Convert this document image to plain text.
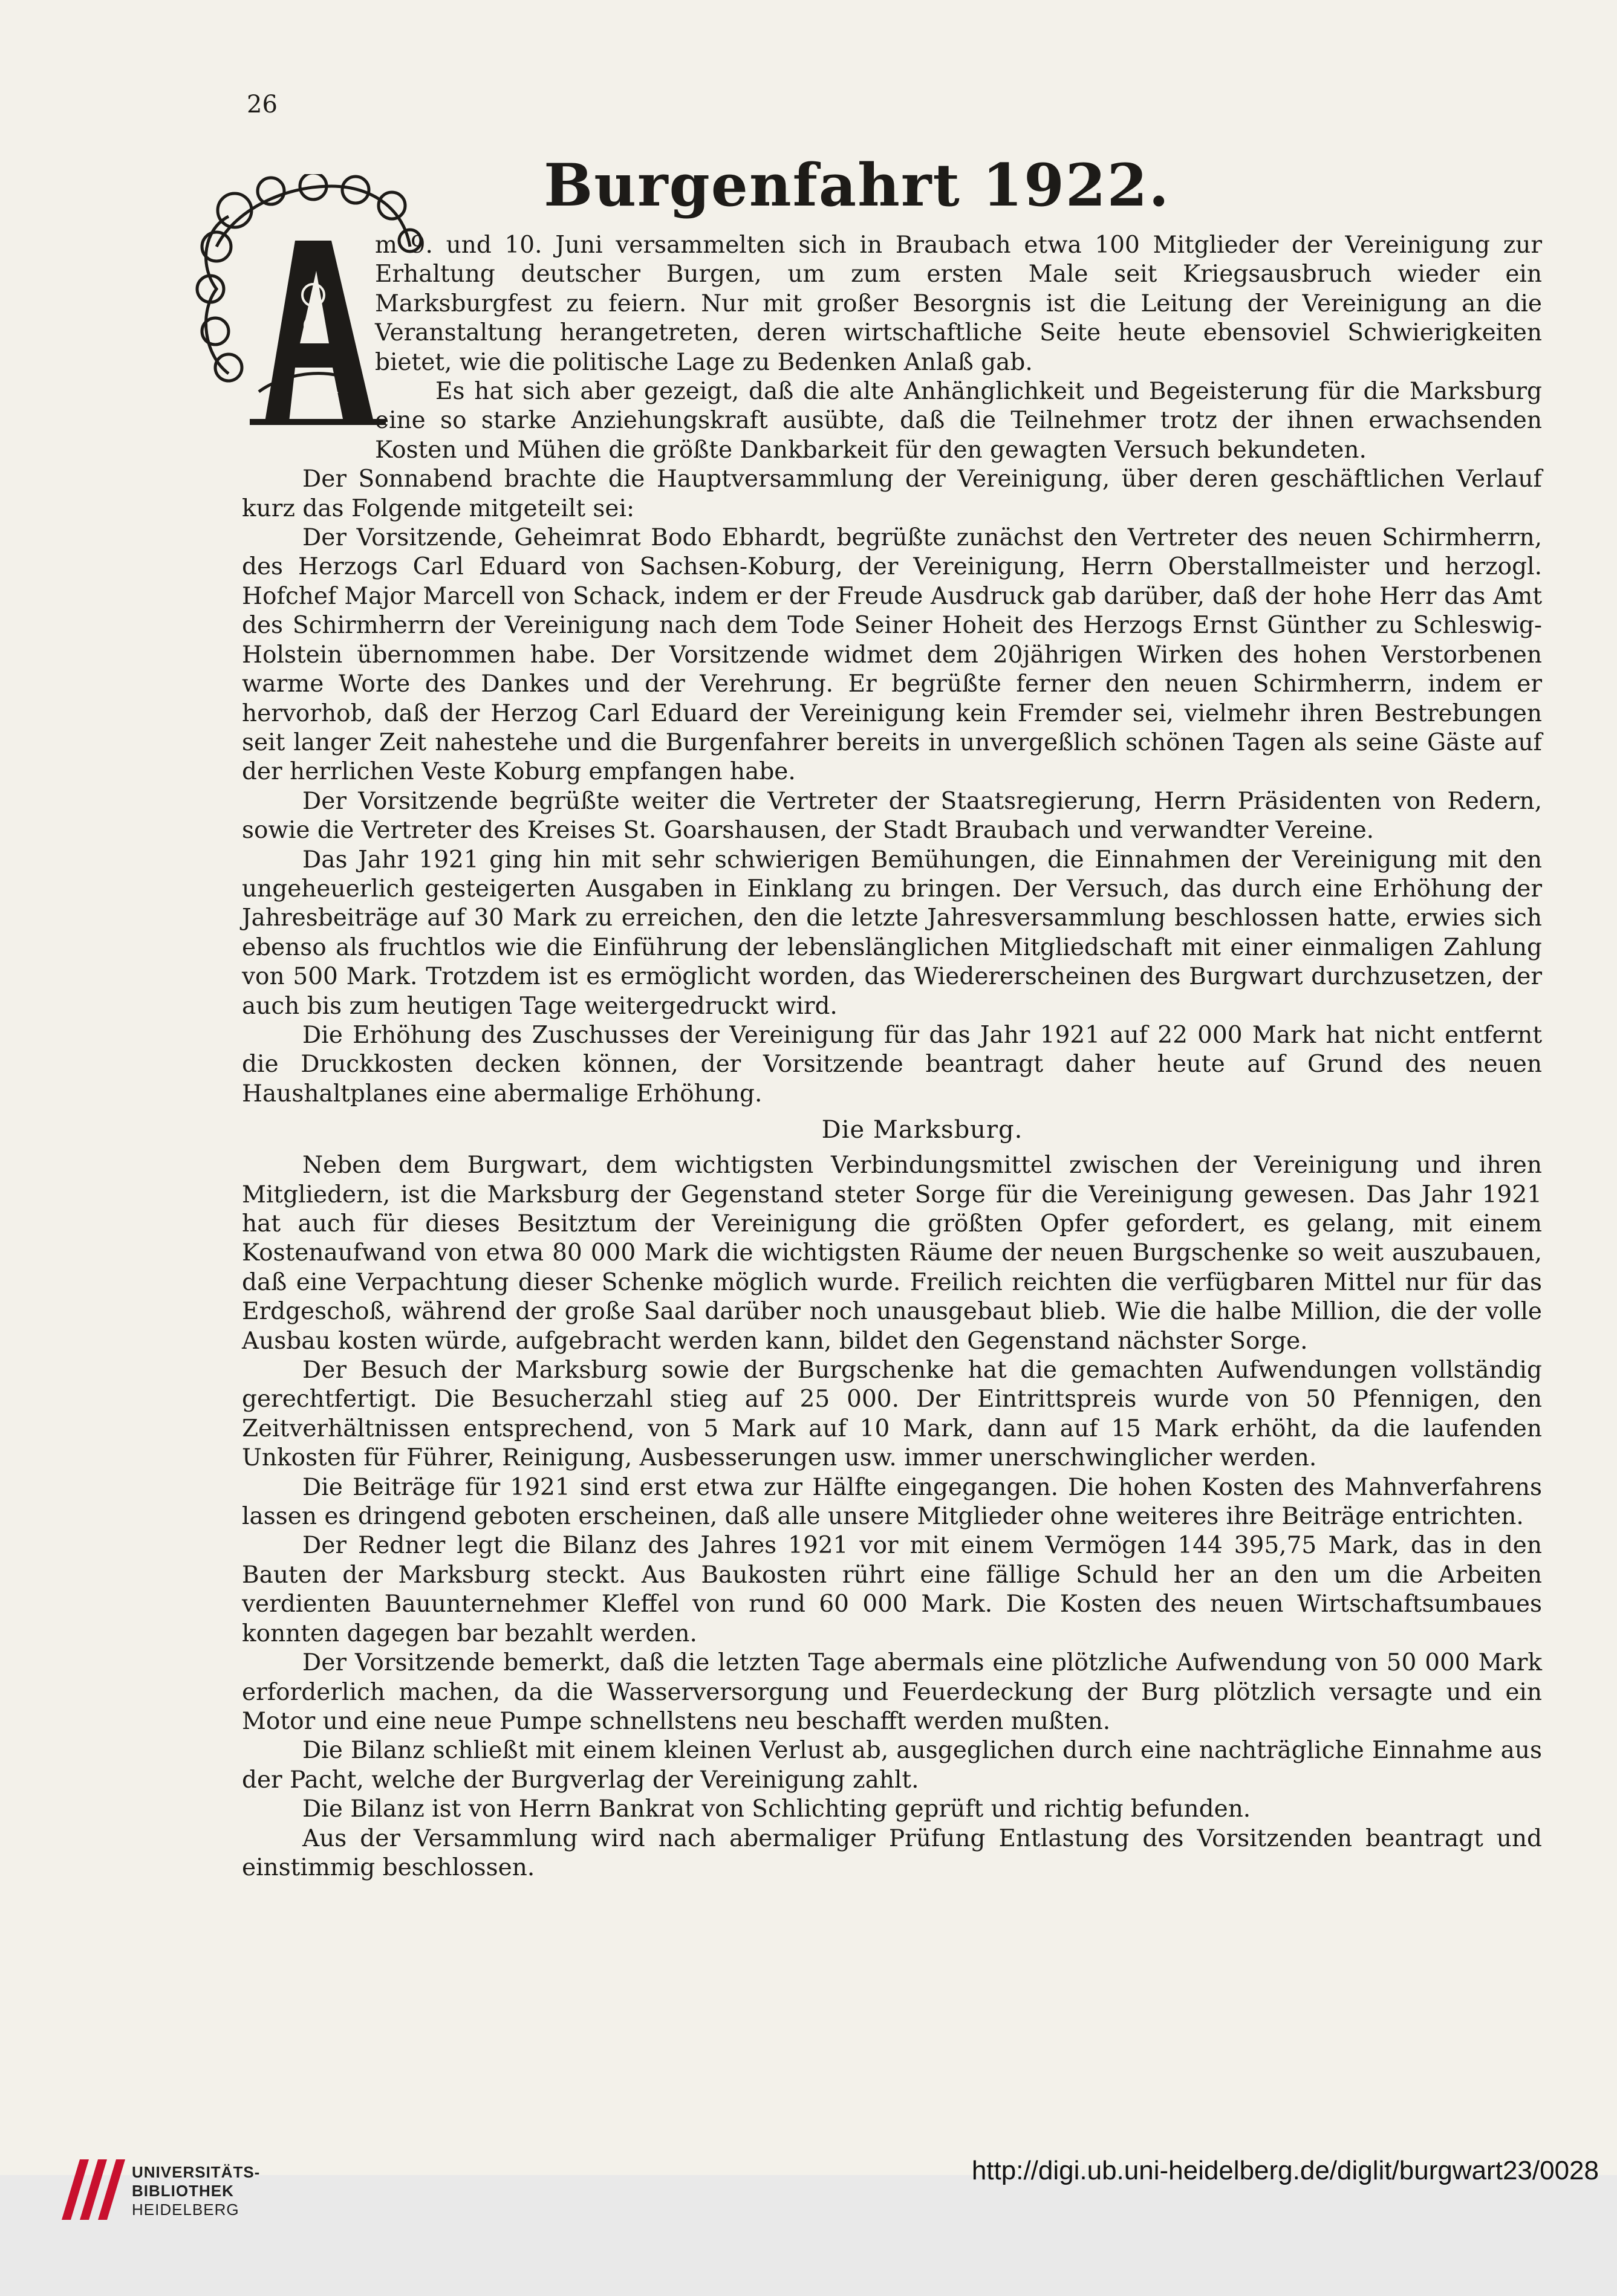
26
Burgenfahrt 1922.

m 9. und 10. Juni versammelten sich in Braubach etwa 100 Mitglieder der Vereinigung zur Erhaltung deutscher Burgen, um zum ersten Male seit Kriegsausbruch wieder ein Marksburgfest zu feiern. Nur mit großer Besorgnis ist die Leitung der Vereinigung an die Veranstaltung herangetreten, deren wirtschaftliche Seite heute ebensoviel Schwierigkeiten bietet, wie die politische Lage zu Bedenken Anlaß gab.

Es hat sich aber gezeigt, daß die alte Anhänglichkeit und Begeisterung für die Marksburg eine so starke Anziehungskraft ausübte, daß die Teilnehmer trotz der ihnen erwachsenden Kosten und Mühen die größte Dankbarkeit für den gewagten Versuch bekundeten.

Der Sonnabend brachte die Hauptversammlung der Vereinigung, über deren geschäftlichen Verlauf kurz das Folgende mitgeteilt sei:

Der Vorsitzende, Geheimrat Bodo Ebhardt, begrüßte zunächst den Vertreter des neuen Schirmherrn, des Herzogs Carl Eduard von Sachsen-Koburg, der Vereinigung, Herrn Oberstallmeister und herzogl. Hofchef Major Marcell von Schack, indem er der Freude Ausdruck gab darüber, daß der hohe Herr das Amt des Schirmherrn der Vereinigung nach dem Tode Seiner Hoheit des Herzogs Ernst Günther zu Schleswig-Holstein übernommen habe. Der Vorsitzende widmet dem 20jährigen Wirken des hohen Verstorbenen warme Worte des Dankes und der Verehrung. Er begrüßte ferner den neuen Schirmherrn, indem er hervorhob, daß der Herzog Carl Eduard der Vereinigung kein Fremder sei, vielmehr ihren Bestrebungen seit langer Zeit nahestehe und die Burgenfahrer bereits in unvergeßlich schönen Tagen als seine Gäste auf der herrlichen Veste Koburg empfangen habe.

Der Vorsitzende begrüßte weiter die Vertreter der Staatsregierung, Herrn Präsidenten von Redern, sowie die Vertreter des Kreises St. Goarshausen, der Stadt Braubach und verwandter Vereine.

Das Jahr 1921 ging hin mit sehr schwierigen Bemühungen, die Einnahmen der Vereinigung mit den ungeheuerlich gesteigerten Ausgaben in Einklang zu bringen. Der Versuch, das durch eine Erhöhung der Jahresbeiträge auf 30 Mark zu erreichen, den die letzte Jahresversammlung beschlossen hatte, erwies sich ebenso als fruchtlos wie die Einführung der lebenslänglichen Mitgliedschaft mit einer einmaligen Zahlung von 500 Mark. Trotzdem ist es ermöglicht worden, das Wiedererscheinen des Burgwart durchzusetzen, der auch bis zum heutigen Tage weitergedruckt wird.

Die Erhöhung des Zuschusses der Vereinigung für das Jahr 1921 auf 22 000 Mark hat nicht entfernt die Druckkosten decken können, der Vorsitzende beantragt daher heute auf Grund des neuen Haushaltplanes eine abermalige Erhöhung.

Die Marksburg.

Neben dem Burgwart, dem wichtigsten Verbindungsmittel zwischen der Vereinigung und ihren Mitgliedern, ist die Marksburg der Gegenstand steter Sorge für die Vereinigung gewesen. Das Jahr 1921 hat auch für dieses Besitztum der Vereinigung die größten Opfer gefordert, es gelang, mit einem Kostenaufwand von etwa 80 000 Mark die wichtigsten Räume der neuen Burgschenke so weit auszubauen, daß eine Verpachtung dieser Schenke möglich wurde. Freilich reichten die verfügbaren Mittel nur für das Erdgeschoß, während der große Saal darüber noch unausgebaut blieb. Wie die halbe Million, die der volle Ausbau kosten würde, aufgebracht werden kann, bildet den Gegenstand nächster Sorge.

Der Besuch der Marksburg sowie der Burgschenke hat die gemachten Aufwendungen vollständig gerechtfertigt. Die Besucherzahl stieg auf 25 000. Der Eintrittspreis wurde von 50 Pfennigen, den Zeitverhältnissen entsprechend, von 5 Mark auf 10 Mark, dann auf 15 Mark erhöht, da die laufenden Unkosten für Führer, Reinigung, Ausbesserungen usw. immer unerschwinglicher werden.

Die Beiträge für 1921 sind erst etwa zur Hälfte eingegangen. Die hohen Kosten des Mahnverfahrens lassen es dringend geboten erscheinen, daß alle unsere Mitglieder ohne weiteres ihre Beiträge entrichten.

Der Redner legt die Bilanz des Jahres 1921 vor mit einem Vermögen 144 395,75 Mark, das in den Bauten der Marksburg steckt. Aus Baukosten rührt eine fällige Schuld her an den um die Arbeiten verdienten Bauunternehmer Kleffel von rund 60 000 Mark. Die Kosten des neuen Wirtschaftsumbaues konnten dagegen bar bezahlt werden.

Der Vorsitzende bemerkt, daß die letzten Tage abermals eine plötzliche Aufwendung von 50 000 Mark erforderlich machen, da die Wasserversorgung und Feuerdeckung der Burg plötzlich versagte und ein Motor und eine neue Pumpe schnellstens neu beschafft werden mußten.

Die Bilanz schließt mit einem kleinen Verlust ab, ausgeglichen durch eine nachträgliche Einnahme aus der Pacht, welche der Burgverlag der Vereinigung zahlt.

Die Bilanz ist von Herrn Bankrat von Schlichting geprüft und richtig befunden.

Aus der Versammlung wird nach abermaliger Prüfung Entlastung des Vorsitzenden beantragt und einstimmig beschlossen.

UNIVERSITÄTS-
BIBLIOTHEK
HEIDELBERG
http://digi.ub.uni-heidelberg.de/diglit/burgwart23/0028
